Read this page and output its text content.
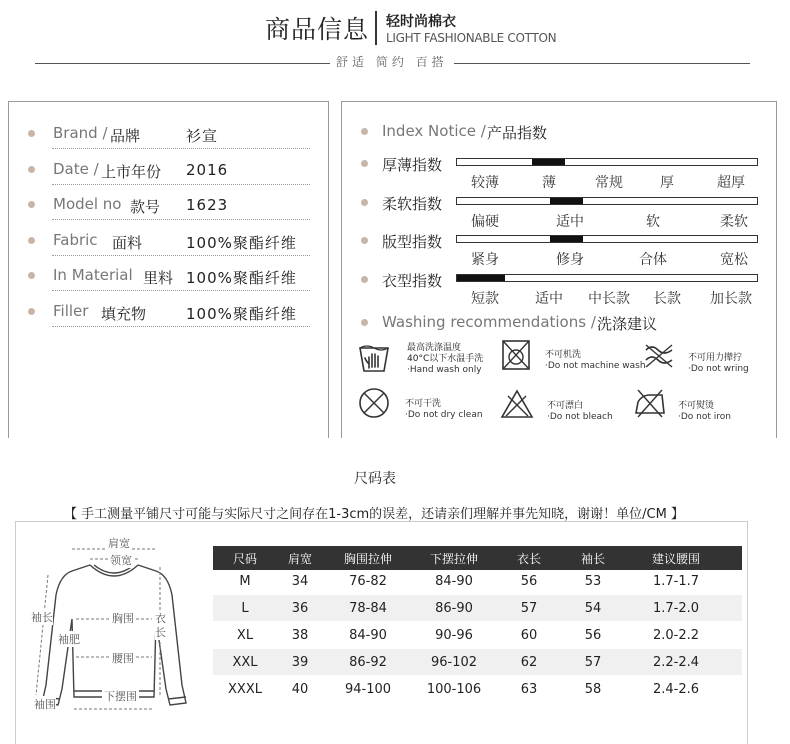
商品信息 轻时尚棉衣
LIGHT FASHIONABLE COTTON
舒适 简约 百搭
Brand / 品牌	衫宣
Date / 上市年份 2016
Model no 款号 1623
Fabric 面料	100%聚酯纤维
In Material 里料 100%聚酯纤维
Filler 填充物	100%聚酯纤维
Index Notice / 产品指数
厚薄指数
较薄	薄	常规	厚	超厚
柔软指数
偏硬	适中	软	柔软
版型指数
紧身	修身	合体	宽松
衣型指数
短款	适中 中长款 长款 加长款
Washing recommendations / 洗涤建议
最高洗涤温度
40°C以下水温手洗
·Hand wash only
不可机洗
·Do not machine wash
不可用力撵拧
·Do not wring
不可干洗
·Do not dry clean
不可漂白
·Do not bleach
不可熨烫
·Do not iron
尺码表
【 手工测量平铺尺寸可能与实际尺寸之间存在1-3cm的误差，还请亲们理解并事先知晓，谢谢！单位/CM 】
肩宽
领宽
胸围 衣长
袖长
袖肥
腰围
下摆围
袖围
尺码	肩宽	胸围拉伸	下摆拉伸	衣长	袖长	建议腰围
M	34	76-82	84-90	56	53	1.7-1.7
L	36	78-84	86-90	57	54	1.7-2.0
XL	38	84-90	90-96	60	56	2.0-2.2
XXL	39	86-92	96-102	62	57	2.2-2.4
XXXL 40	94-100	100-106	63	58	2.4-2.6
